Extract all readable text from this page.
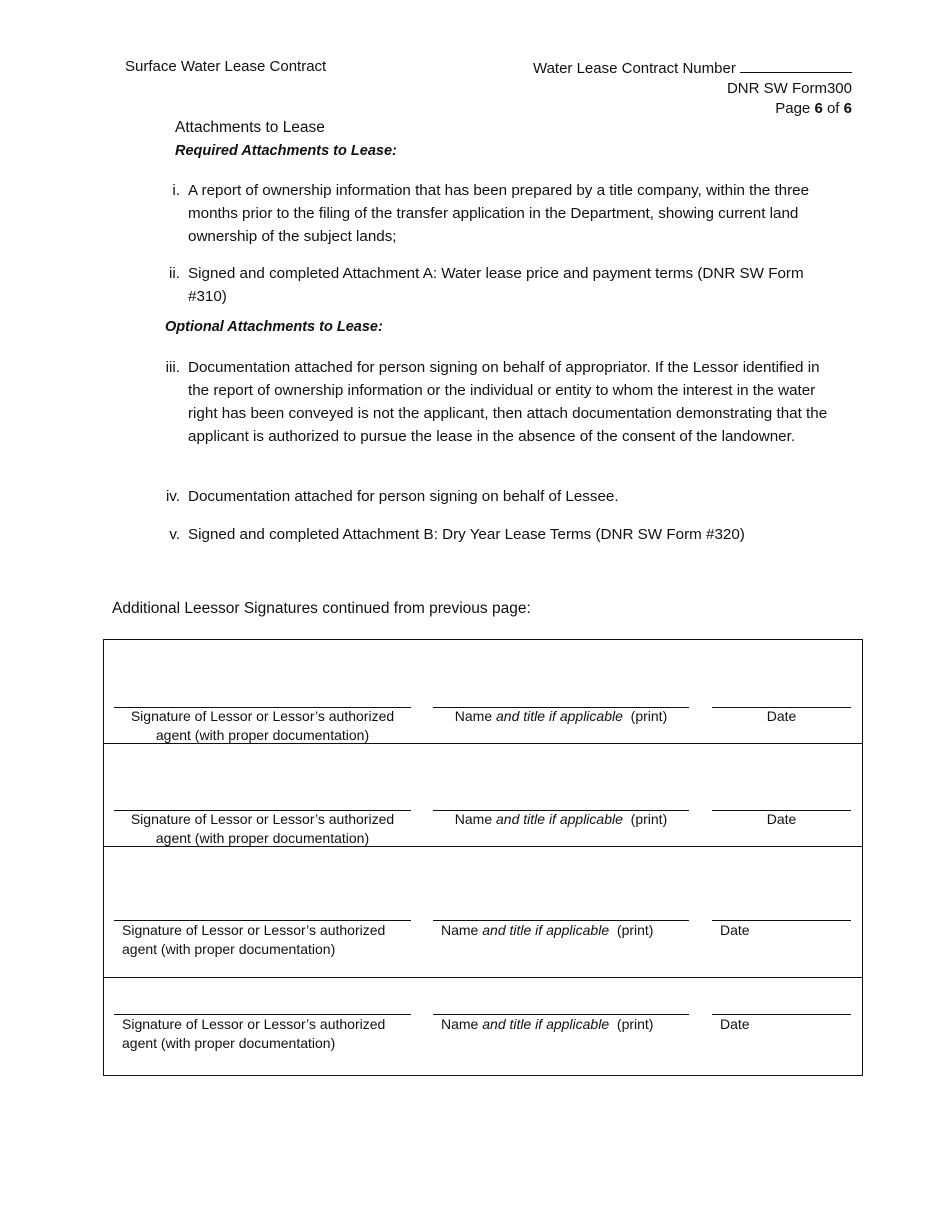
Surface Water Lease Contract	Water Lease Contract Number
DNR SW Form300
Page 6 of 6
Attachments to Lease
Required Attachments to Lease:
i. A report of ownership information that has been prepared by a title company, within the three months prior to the filing of the transfer application in the Department, showing current land ownership of the subject lands;
ii. Signed and completed Attachment A: Water lease price and payment terms (DNR SW Form #310)
Optional Attachments to Lease:
iii. Documentation attached for person signing on behalf of appropriator. If the Lessor identified in the report of ownership information or the individual or entity to whom the interest in the water right has been conveyed is not the applicant, then attach documentation demonstrating that the applicant is authorized to pursue the lease in the absence of the consent of the landowner.
iv. Documentation attached for person signing on behalf of Lessee.
v. Signed and completed Attachment B: Dry Year Lease Terms (DNR SW Form #320)
Additional Leessor Signatures continued from previous page:
Signature of Lessor or Lessor’s authorized
agent (with proper documentation)
Name and title if applicable (print)	Date

Signature of Lessor or Lessor’s authorized
agent (with proper documentation)
Name and title if applicable (print)	Date

Signature of Lessor or Lessor’s authorized
agent (with proper documentation)
Name and title if applicable (print)	Date

Signature of Lessor or Lessor’s authorized
agent (with proper documentation)
Name and title if applicable (print)	Date
